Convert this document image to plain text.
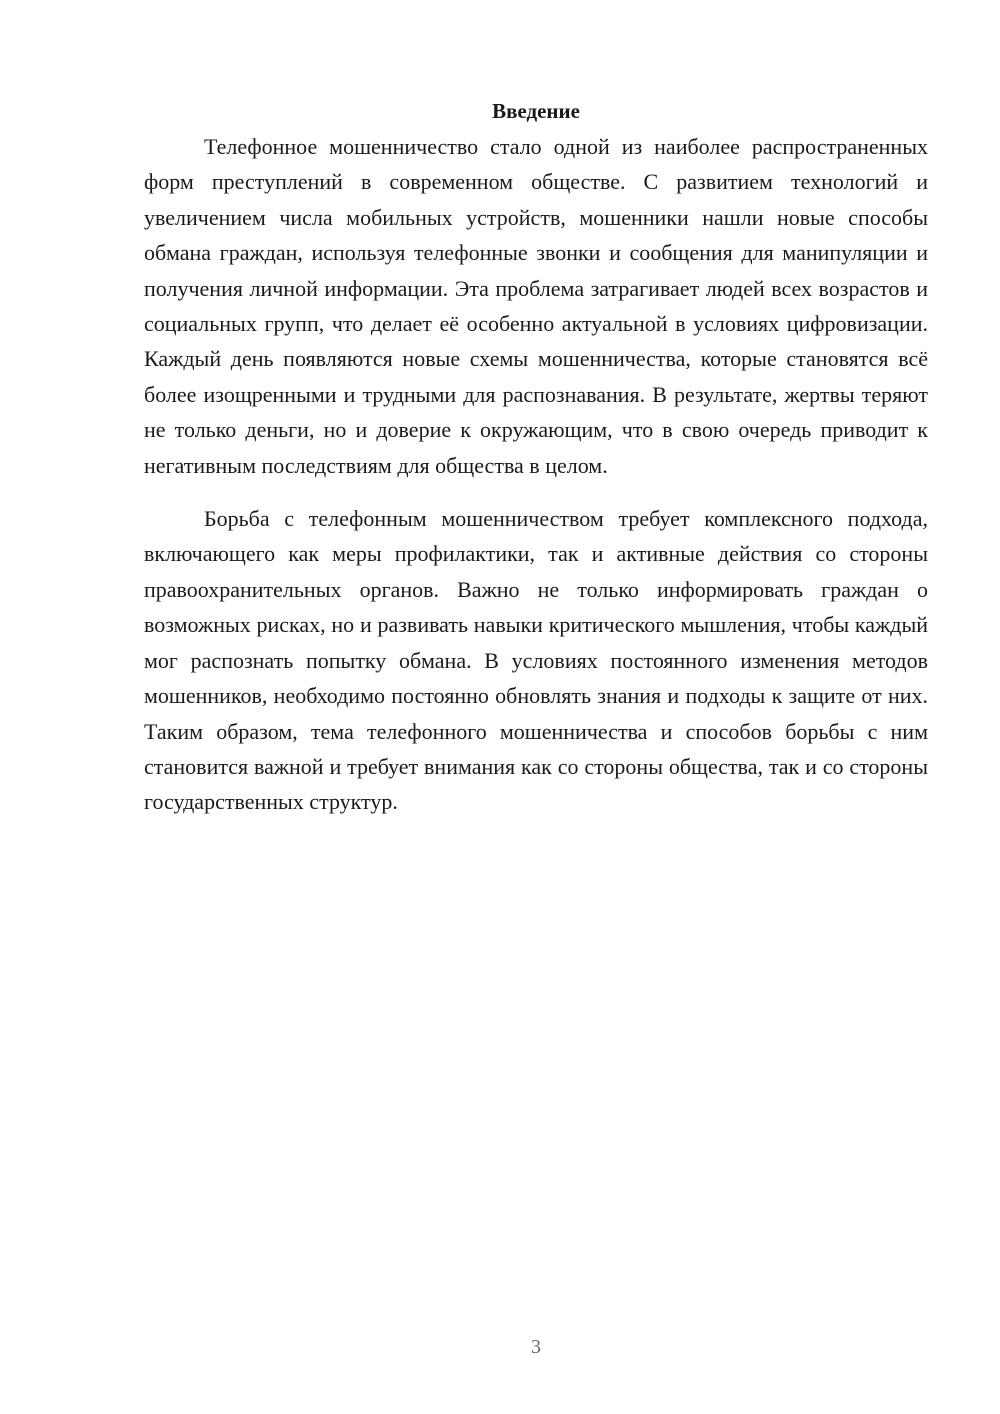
Введение

Телефонное мошенничество стало одной из наиболее распространенных форм преступлений в современном обществе. С развитием технологий и увеличением числа мобильных устройств, мошенники нашли новые способы обмана граждан, используя телефонные звонки и сообщения для манипуляции и получения личной информации. Эта проблема затрагивает людей всех возрастов и социальных групп, что делает её особенно актуальной в условиях цифровизации. Каждый день появляются новые схемы мошенничества, которые становятся всё более изощренными и трудными для распознавания. В результате, жертвы теряют не только деньги, но и доверие к окружающим, что в свою очередь приводит к негативным последствиям для общества в целом.

Борьба с телефонным мошенничеством требует комплексного подхода, включающего как меры профилактики, так и активные действия со стороны правоохранительных органов. Важно не только информировать граждан о возможных рисках, но и развивать навыки критического мышления, чтобы каждый мог распознать попытку обмана. В условиях постоянного изменения методов мошенников, необходимо постоянно обновлять знания и подходы к защите от них. Таким образом, тема телефонного мошенничества и способов борьбы с ним становится важной и требует внимания как со стороны общества, так и со стороны государственных структур.

3
